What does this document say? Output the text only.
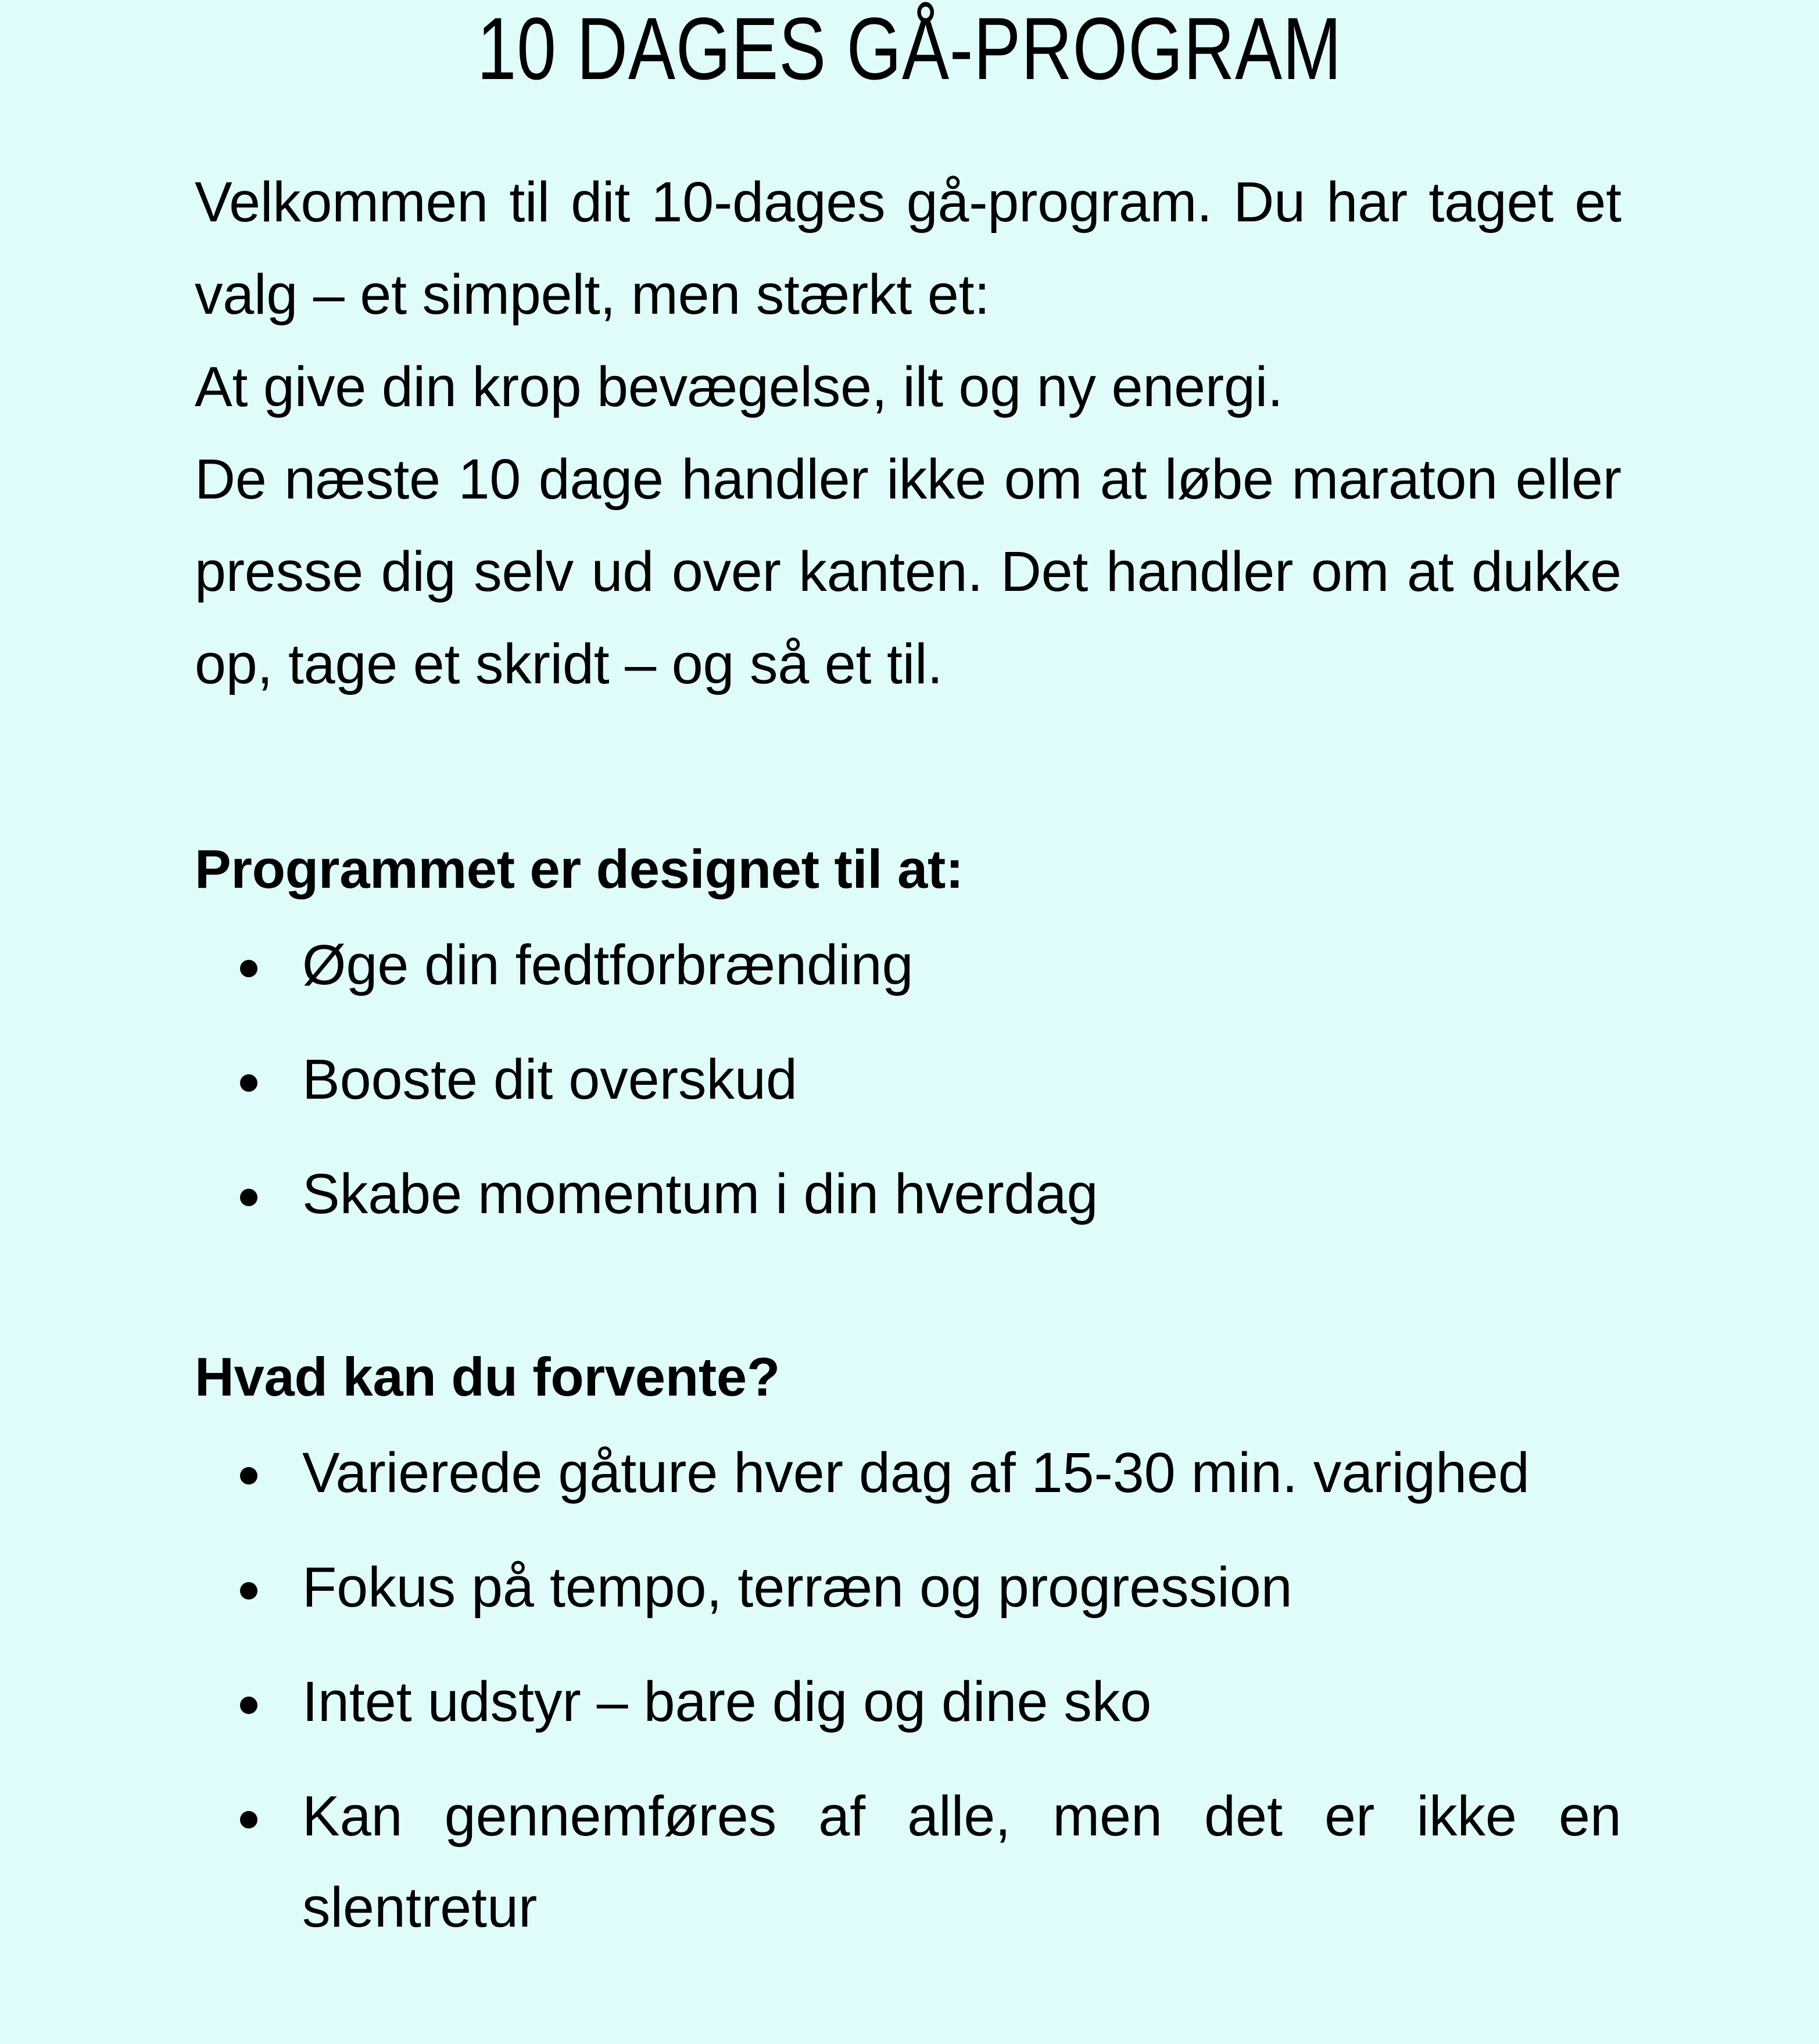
10 DAGES GÅ-PROGRAM

Velkommen til dit 10-dages gå-program. Du har taget et valg – et simpelt, men stærkt et:

At give din krop bevægelse, ilt og ny energi.

De næste 10 dage handler ikke om at løbe maraton eller presse dig selv ud over kanten. Det handler om at dukke op, tage et skridt – og så et til.

Programmet er designet til at:
Øge din fedtforbrænding
Booste dit overskud
Skabe momentum i din hverdag
Hvad kan du forvente?
Varierede gåture hver dag af 15-30 min. varighed
Fokus på tempo, terræn og progression
Intet udstyr – bare dig og dine sko
Kan gennemføres af alle, men det er ikke en slentretur
